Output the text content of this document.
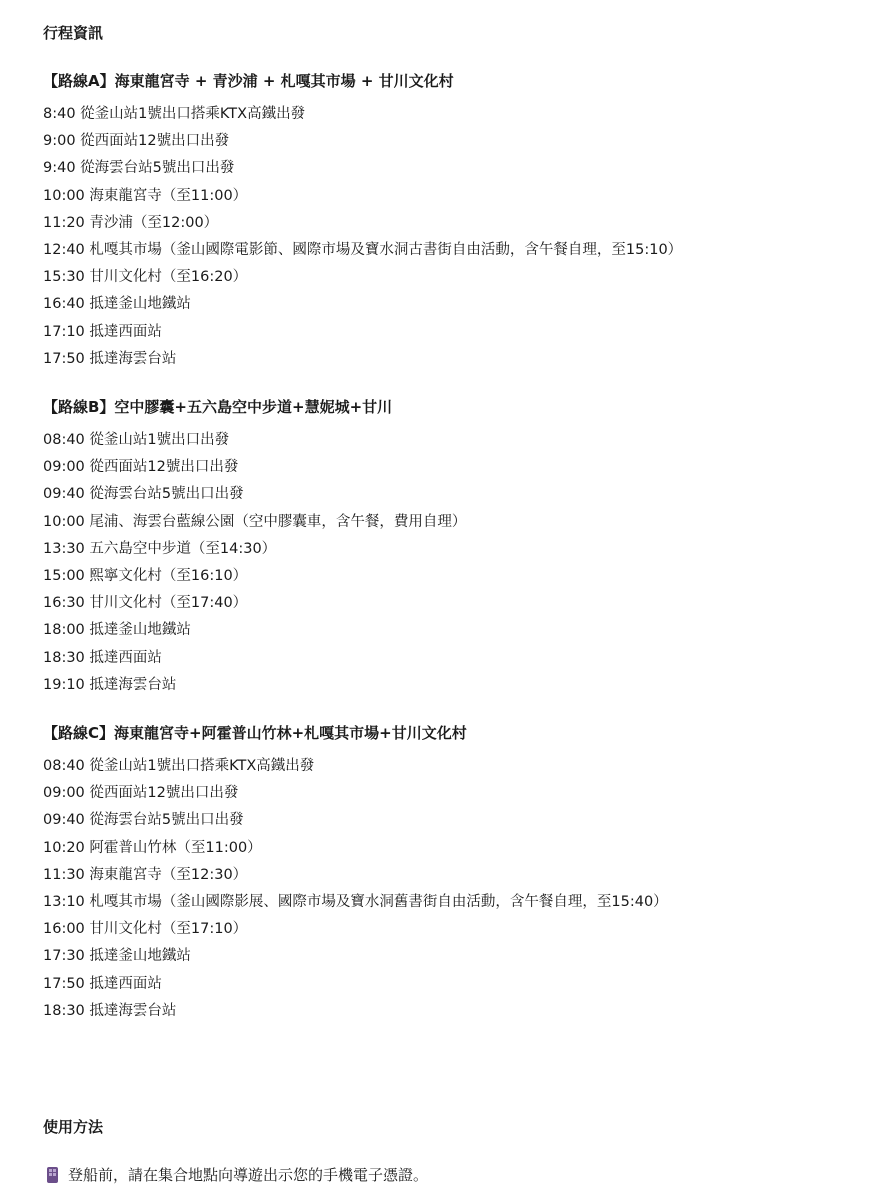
行程資訊
【路線A】海東龍宮寺 + 青沙浦 + 札嘎其市場 + 甘川文化村
8:40 從釜山站1號出口搭乘KTX高鐵出發
9:00 從西面站12號出口出發
9:40 從海雲台站5號出口出發
10:00 海東龍宮寺（至11:00）
11:20 青沙浦（至12:00）
12:40 札嘎其市場（釜山國際電影節、國際市場及寶水洞古書街自由活動，含午餐自理，至15:10）
15:30 甘川文化村（至16:20）
16:40 抵達釜山地鐵站
17:10 抵達西面站
17:50 抵達海雲台站
【路線B】空中膠囊+五六島空中步道+慧妮城+甘川
08:40 從釜山站1號出口出發
09:00 從西面站12號出口出發
09:40 從海雲台站5號出口出發
10:00 尾浦、海雲台藍線公園（空中膠囊車，含午餐，費用自理）
13:30 五六島空中步道（至14:30）
15:00 熙寧文化村（至16:10）
16:30 甘川文化村（至17:40）
18:00 抵達釜山地鐵站
18:30 抵達西面站
19:10 抵達海雲台站
【路線C】海東龍宮寺+阿霍普山竹林+札嘎其市場+甘川文化村
08:40 從釜山站1號出口搭乘KTX高鐵出發
09:00 從西面站12號出口出發
09:40 從海雲台站5號出口出發
10:20 阿霍普山竹林（至11:00）
11:30 海東龍宮寺（至12:30）
13:10 札嘎其市場（釜山國際影展、國際市場及寶水洞舊書街自由活動，含午餐自理，至15:40）
16:00 甘川文化村（至17:10）
17:30 抵達釜山地鐵站
17:50 抵達西面站
18:30 抵達海雲台站
使用方法
登船前，請在集合地點向導遊出示您的手機電子憑證。
